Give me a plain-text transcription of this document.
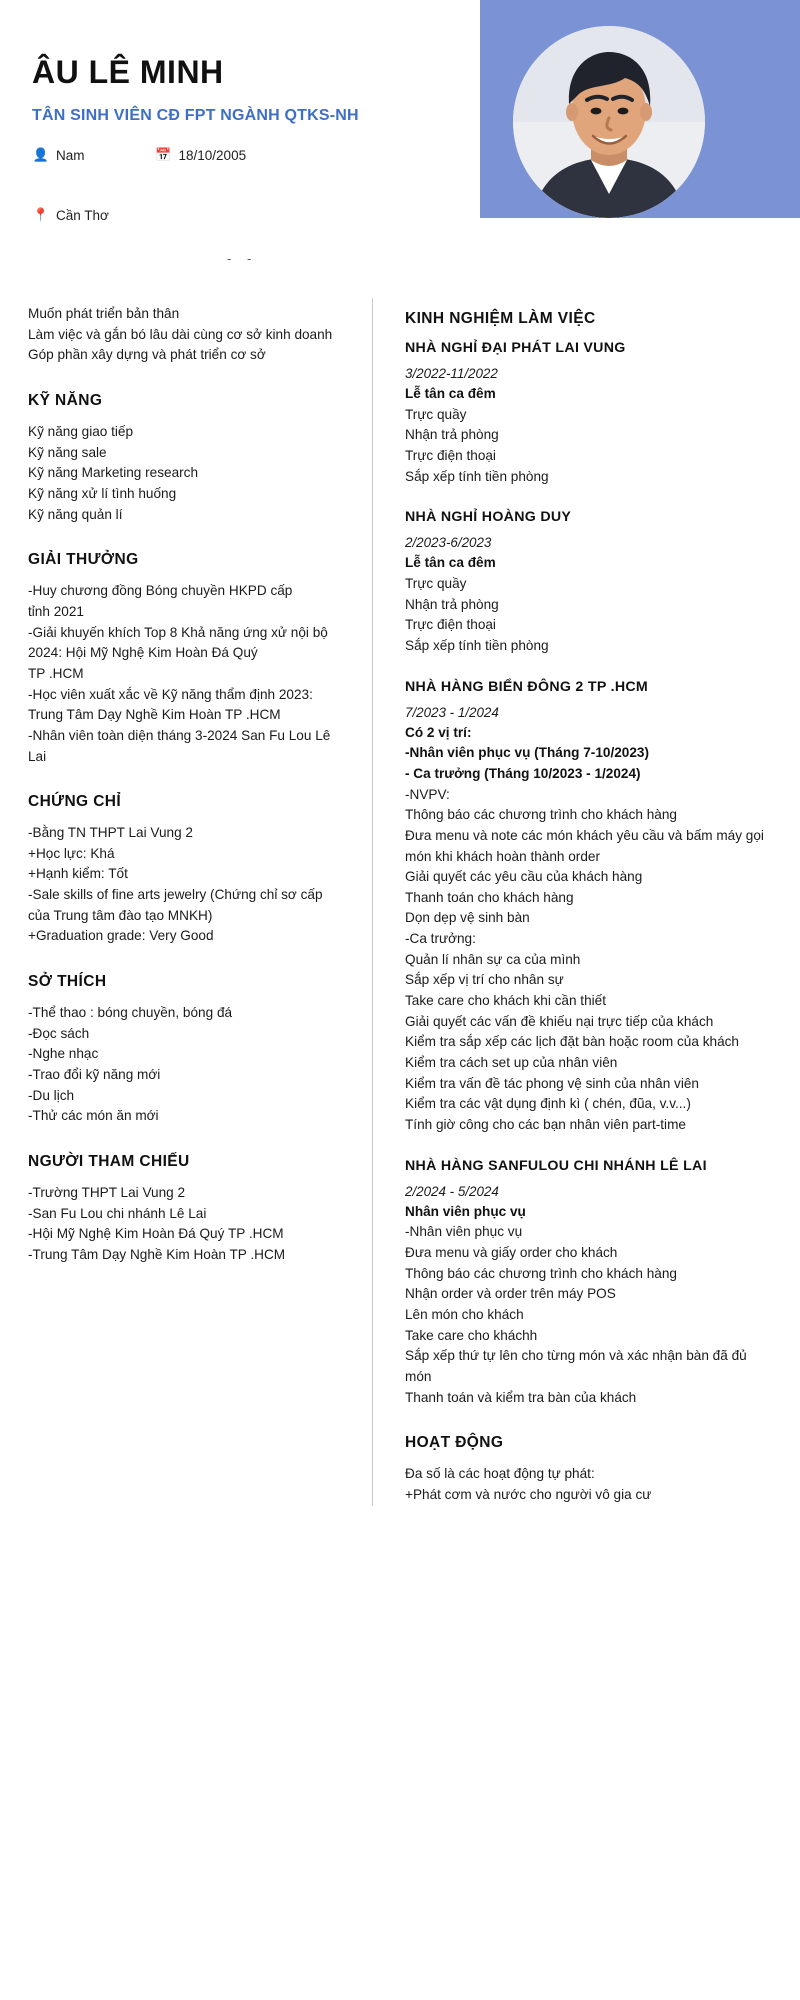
ÂU LÊ MINH
TÂN SINH VIÊN CĐ FPT NGÀNH QTKS-NH
👤 Nam	📅 18/10/2005
- -
📍 Cần Thơ
Muốn phát triển bản thân
Làm việc và gắn bó lâu dài cùng cơ sở kinh doanh
Góp phần xây dựng và phát triển cơ sở
KỸ NĂNG
Kỹ năng giao tiếp
Kỹ năng sale
Kỹ năng Marketing research
Kỹ năng xử lí tình huống
Kỹ năng quản lí
GIẢI THƯỞNG
-Huy chương đồng Bóng chuyền HKPD cấp
tỉnh 2021
-Giải khuyến khích Top 8 Khả năng ứng xử nội bộ 2024: Hội Mỹ Nghệ Kim Hoàn Đá Quý
TP .HCM
-Học viên xuất xắc về Kỹ năng thẩm định 2023:
Trung Tâm Dạy Nghề Kim Hoàn TP .HCM
-Nhân viên toàn diện tháng 3-2024 San Fu Lou Lê Lai
CHỨNG CHỈ
-Bằng TN THPT Lai Vung 2
+Học lực: Khá
+Hạnh kiểm: Tốt
-Sale skills of fine arts jewelry (Chứng chỉ sơ cấp của Trung tâm đào tạo MNKH)
+Graduation grade: Very Good
SỞ THÍCH
-Thể thao : bóng chuyền, bóng đá
-Đọc sách
-Nghe nhạc
-Trao đổi kỹ năng mới
-Du lịch
-Thử các món ăn mới
NGƯỜI THAM CHIẾU
-Trường THPT Lai Vung 2
-San Fu Lou chi nhánh Lê Lai
-Hội Mỹ Nghệ Kim Hoàn Đá Quý TP .HCM
-Trung Tâm Dạy Nghề Kim Hoàn TP .HCM
KINH NGHIỆM LÀM VIỆC
NHÀ NGHỈ ĐẠI PHÁT LAI VUNG
3/2022-11/2022
Lễ tân ca đêm
Trực quầy
Nhận trả phòng
Trực điện thoại
Sắp xếp tính tiền phòng
NHÀ NGHỈ HOÀNG DUY
2/2023-6/2023
Lễ tân ca đêm
Trực quầy
Nhận trả phòng
Trực điện thoại
Sắp xếp tính tiền phòng
NHÀ HÀNG BIỂN ĐÔNG 2 TP .HCM
7/2023 - 1/2024
Có 2 vị trí:
-Nhân viên phục vụ (Tháng 7-10/2023)
- Ca trưởng (Tháng 10/2023 - 1/2024)
-NVPV:
Thông báo các chương trình cho khách hàng
Đưa menu và note các món khách yêu cầu và bấm máy gọi món khi khách hoàn thành order
Giải quyết các yêu cầu của khách hàng
Thanh toán cho khách hàng
Dọn dẹp vệ sinh bàn
-Ca trưởng:
Quản lí nhân sự ca của mình
Sắp xếp vị trí cho nhân sự
Take care cho khách khi cần thiết
Giải quyết các vấn đề khiếu nại trực tiếp của khách
Kiểm tra sắp xếp các lịch đặt bàn hoặc room của khách
Kiểm tra cách set up của nhân viên
Kiểm tra vấn đề tác phong vệ sinh của nhân viên
Kiểm tra các vật dụng định kì ( chén, đũa, v.v...)
Tính giờ công cho các bạn nhân viên part-time
NHÀ HÀNG SANFULOU CHI NHÁNH LÊ LAI
2/2024 - 5/2024
Nhân viên phục vụ
-Nhân viên phục vụ
Đưa menu và giấy order cho khách
Thông báo các chương trình cho khách hàng
Nhận order và order trên máy POS
Lên món cho khách
Take care cho kháchh
Sắp xếp thứ tự lên cho từng món và xác nhận bàn đã đủ món
Thanh toán và kiểm tra bàn của khách
HOẠT ĐỘNG
Đa số là các hoạt động tự phát:
+Phát cơm và nước cho người vô gia cư
